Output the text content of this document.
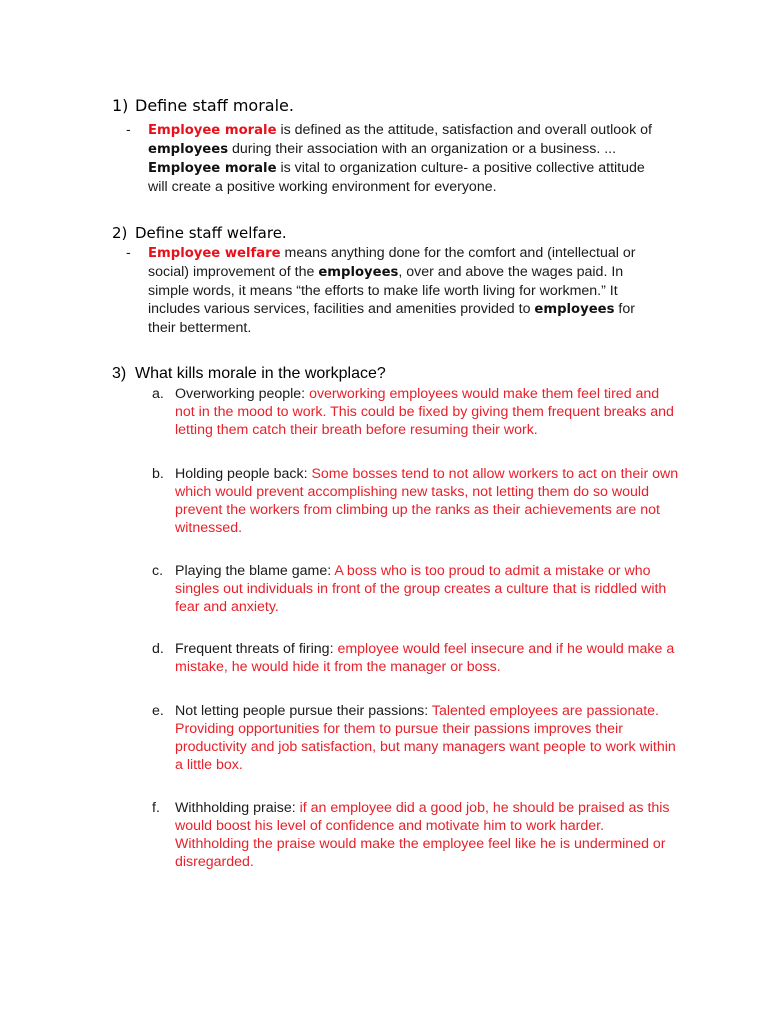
1) Define staff morale.
-	Employee morale is defined as the attitude, satisfaction and overall outlook of employees during their association with an organization or a business. ... Employee morale is vital to organization culture- a positive collective attitude will create a positive working environment for everyone.
2) Define staff welfare.
-	Employee welfare means anything done for the comfort and (intellectual or social) improvement of the employees, over and above the wages paid. In simple words, it means “the efforts to make life worth living for workmen.” It includes various services, facilities and amenities provided to employees for their betterment.
3) What kills morale in the workplace?
a. Overworking people: overworking employees would make them feel tired and not in the mood to work. This could be fixed by giving them frequent breaks and letting them catch their breath before resuming their work.
b. Holding people back: Some bosses tend to not allow workers to act on their own which would prevent accomplishing new tasks, not letting them do so would prevent the workers from climbing up the ranks as their achievements are not witnessed.
c. Playing the blame game: A boss who is too proud to admit a mistake or who singles out individuals in front of the group creates a culture that is riddled with fear and anxiety.
d. Frequent threats of firing: employee would feel insecure and if he would make a mistake, he would hide it from the manager or boss.
e. Not letting people pursue their passions: Talented employees are passionate. Providing opportunities for them to pursue their passions improves their productivity and job satisfaction, but many managers want people to work within a little box.
f.	Withholding praise: if an employee did a good job, he should be praised as this would boost his level of confidence and motivate him to work harder. Withholding the praise would make the employee feel like he is undermined or disregarded.
